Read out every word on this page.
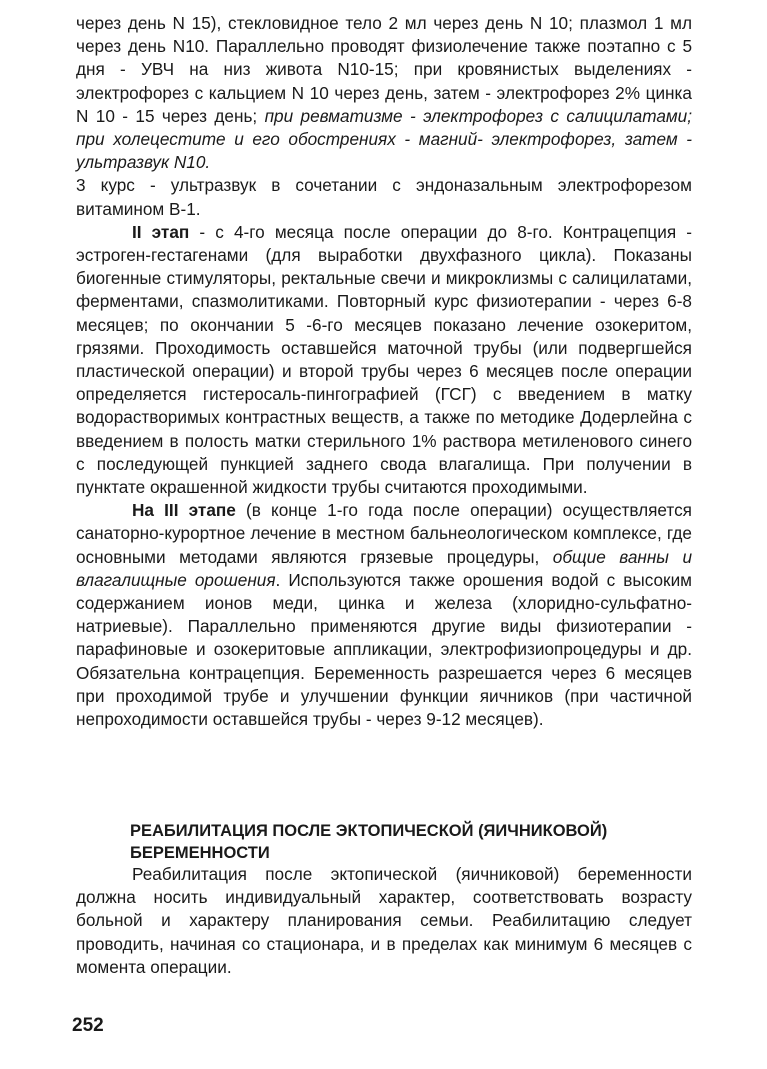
через день N 15), стекловидное тело 2 мл через день N 10; плазмол 1 мл через день N10. Параллельно проводят физиолечение также поэтапно с 5 дня - УВЧ на низ живота N10-15; при кровянистых выделениях - электрофорез с кальцием N 10 через день, затем - электрофорез 2% цинка N 10 - 15 через день; при ревматизме - электрофорез с салицилатами; при холецестите и его обострениях - магний- электрофорез, затем - ультразвук N10.

3 курс - ультразвук в сочетании с эндоназальным электрофорезом витамином B-1.

II этап - с 4-го месяца после операции до 8-го. Контрацепция - эстроген-гестагенами (для выработки двухфазного цикла). Показаны биогенные стимуляторы, ректальные свечи и микроклизмы с салицилатами, ферментами, спазмолитиками. Повторный курс физиотерапии - через 6-8 месяцев; по окончании 5 -6-го месяцев показано лечение озокеритом, грязями. Проходимость оставшейся маточной трубы (или подвергшейся пластической операции) и второй трубы через 6 месяцев после операции определяется гистеросаль-пингографией (ГСГ) с введением в матку водорастворимых контрастных веществ, а также по методике Додерлейна с введением в полость матки стерильного 1% раствора метиленового синего с последующей пункцией заднего свода влагалища. При получении в пунктате окрашенной жидкости трубы считаются проходимыми.

На III этапе (в конце 1-го года после операции) осуществляется санаторно-курортное лечение в местном бальнеологическом комплексе, где основными методами являются грязевые процедуры, общие ванны и влагалищные орошения. Используются также орошения водой с высоким содержанием ионов меди, цинка и железа (хлоридно-сульфатно-натриевые). Параллельно применяются другие виды физиотерапии - парафиновые и озокеритовые аппликации, электрофизиопроцедуры и др. Обязательна контрацепция. Беременность разрешается через 6 месяцев при проходимой трубе и улучшении функции яичников (при частичной непроходимости оставшейся трубы - через 9-12 месяцев).

РЕАБИЛИТАЦИЯ ПОСЛЕ ЭКТОПИЧЕСКОЙ (ЯИЧНИКОВОЙ) БЕРЕМЕННОСТИ

Реабилитация после эктопической (яичниковой) беременности должна носить индивидуальный характер, соответствовать возрасту больной и характеру планирования семьи. Реабилитацию следует проводить, начиная со стационара, и в пределах как минимум 6 месяцев с момента операции.

252
